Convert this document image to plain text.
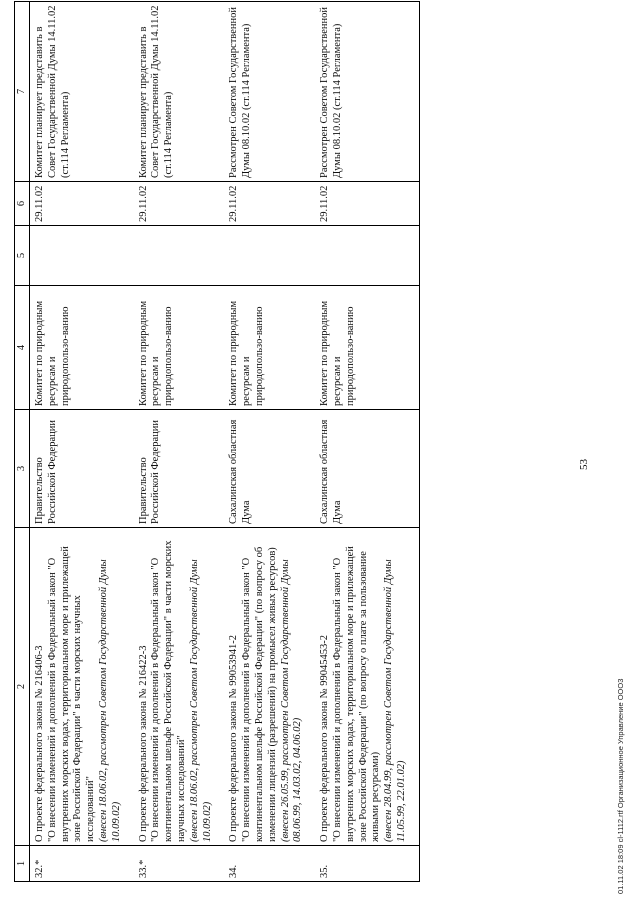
1	2	3	4	5	6	7
32.*	О проекте федерального закона № 216406-3 "О внесении изменений и дополнений в Федеральный закон "О внутренних морских водах, территориальном море и прилежащей зоне Российской Федерации" в части морских научных исследований" (внесен 18.06.02, рассмотрен Советом Государственной Думы 10.09.02)	Правительство Российской Федерации	Комитет по природным ресурсам и природопользо-ванию		29.11.02	Комитет планирует представить в Совет Государственной Думы 14.11.02 (ст.114 Регламента)
33.*	О проекте федерального закона № 216422-3 "О внесении изменений и дополнений в Федеральный закон "О континентальном шельфе Российской Федерации" в части морских научных исследований" (внесен 18.06.02, рассмотрен Советом Государственной Думы 10.09.02)	Правительство Российской Федерации	Комитет по природным ресурсам и природопользо-ванию		29.11.02	Комитет планирует представить в Совет Государственной Думы 14.11.02 (ст.114 Регламента)
34.	О проекте федерального закона № 99053941-2 "О внесении изменений и дополнений в Федеральный закон "О континентальном шельфе Российской Федерации" (по вопросу об изменении лицензий (разрешений) на промысел живых ресурсов) (внесен 26.05.99, рассмотрен Советом Государственной Думы 08.06.99, 14.03.02, 04.06.02)	Сахалинская областная Дума	Комитет по природным ресурсам и природопользо-ванию		29.11.02	Рассмотрен Советом Государственной Думы 08.10.02 (ст.114 Регламента)
35.	О проекте федерального закона № 99045453-2 "О внесении изменений и дополнений в Федеральный закон "О внутренних морских водах, территориальном море и прилежащей зоне Российской Федерации" (по вопросу о плате за пользование живыми ресурсами) (внесен 28.04.99, рассмотрен Советом Государственной Думы 11.05.99, 22.01.02)	Сахалинская областная Дума	Комитет по природным ресурсам и природопользо-ванию		29.11.02	Рассмотрен Советом Государственной Думы 08.10.02 (ст.114 Регламента)
53
01.11.02 18:09 cl-1112.rtf Организационное Управление ООО3
